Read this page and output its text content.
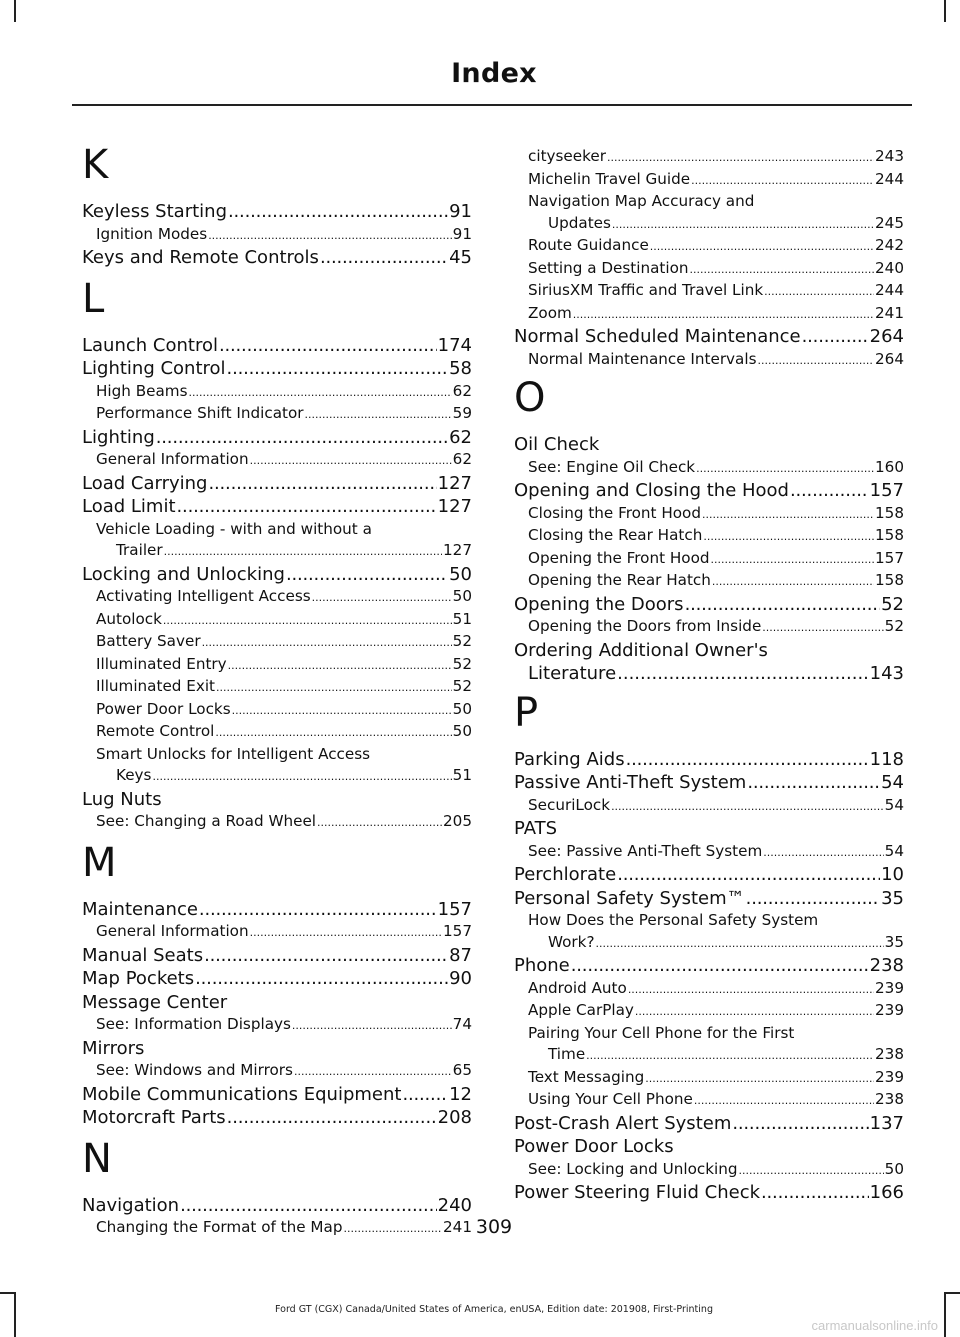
Index
K
Keyless Starting .....	91
Ignition Modes .....	91
Keys and Remote Controls .....	45
L
Launch Control .....	174
Lighting Control .....	58
High Beams .....	62
Performance Shift Indicator .....	59
Lighting .....	62
General Information .....	62
Load Carrying .....	127
Load Limit .....	127
Vehicle Loading - with and without a
Trailer .....	127
Locking and Unlocking .....	50
Activating Intelligent Access .....	50
Autolock .....	51
Battery Saver .....	52
Illuminated Entry .....	52
Illuminated Exit .....	52
Power Door Locks .....	50
Remote Control .....	50
Smart Unlocks for Intelligent Access
Keys .....	51
Lug Nuts
See: Changing a Road Wheel .....	205
M
Maintenance .....	157
General Information .....	157
Manual Seats .....	87
Map Pockets .....	90
Message Center
See: Information Displays .....	74
Mirrors
See: Windows and Mirrors .....	65
Mobile Communications Equipment .....	12
Motorcraft Parts .....	208
N
Navigation .....	240
Changing the Format of the Map .....	241
cityseeker .....	243
Michelin Travel Guide .....	244
Navigation Map Accuracy and
Updates .....	245
Route Guidance .....	242
Setting a Destination .....	240
SiriusXM Traffic and Travel Link .....	244
Zoom .....	241
Normal Scheduled Maintenance .....	264
Normal Maintenance Intervals .....	264
O
Oil Check
See: Engine Oil Check .....	160
Opening and Closing the Hood .....	157
Closing the Front Hood .....	158
Closing the Rear Hatch .....	158
Opening the Front Hood .....	157
Opening the Rear Hatch .....	158
Opening the Doors .....	52
Opening the Doors from Inside .....	52
Ordering Additional Owner's
Literature .....	143
P
Parking Aids .....	118
Passive Anti-Theft System .....	54
SecuriLock .....	54
PATS
See: Passive Anti-Theft System .....	54
Perchlorate .....	10
Personal Safety System™ .....	35
How Does the Personal Safety System
Work? .....	35
Phone .....	238
Android Auto .....	239
Apple CarPlay .....	239
Pairing Your Cell Phone for the First
Time .....	238
Text Messaging .....	239
Using Your Cell Phone .....	238
Post-Crash Alert System .....	137
Power Door Locks
See: Locking and Unlocking .....	50
Power Steering Fluid Check .....	166
309
Ford GT (CGX) Canada/United States of America, enUSA, Edition date: 201908, First-Printing
carmanualsonline.info
